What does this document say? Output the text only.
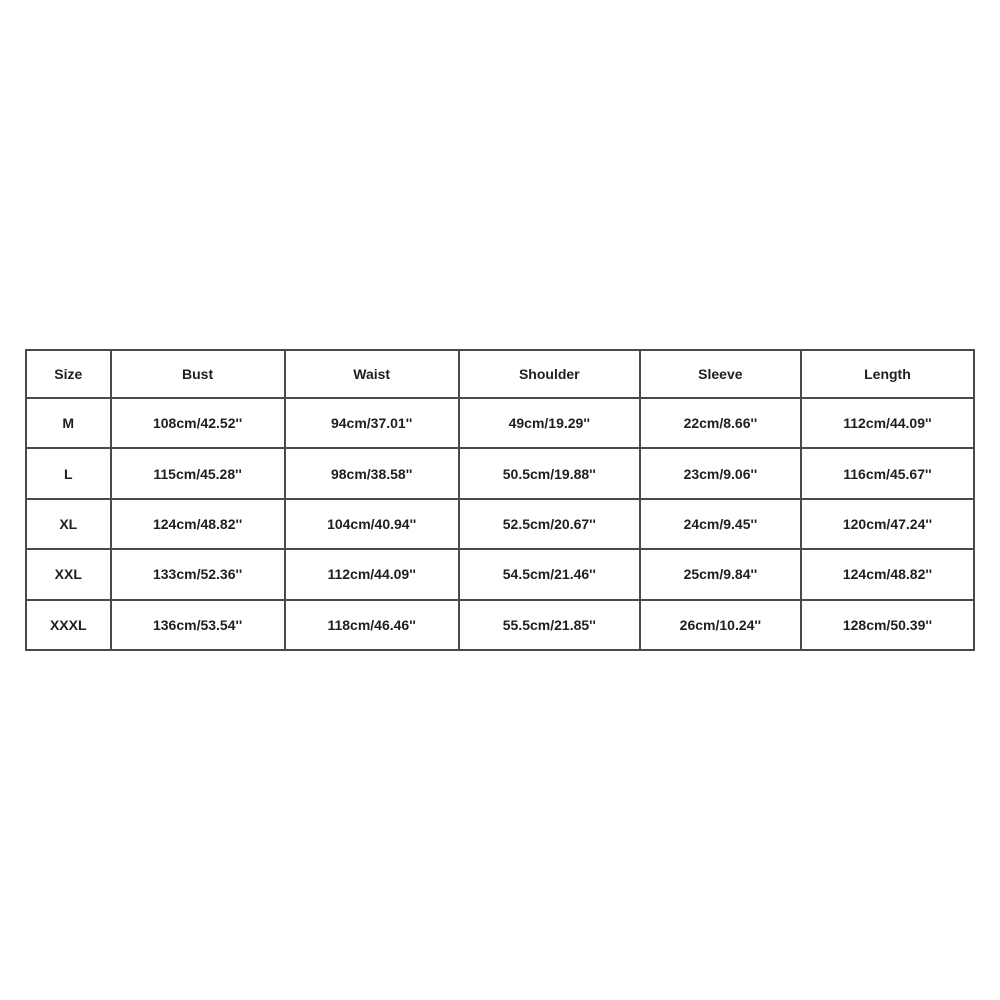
Size	Bust	Waist	Shoulder	Sleeve	Length
M	108cm/42.52''	94cm/37.01''	49cm/19.29''	22cm/8.66''	112cm/44.09''
L	115cm/45.28''	98cm/38.58''	50.5cm/19.88''	23cm/9.06''	116cm/45.67''
XL	124cm/48.82''	104cm/40.94''	52.5cm/20.67''	24cm/9.45''	120cm/47.24''
XXL	133cm/52.36''	112cm/44.09''	54.5cm/21.46''	25cm/9.84''	124cm/48.82''
XXXL	136cm/53.54''	118cm/46.46''	55.5cm/21.85''	26cm/10.24''	128cm/50.39''
